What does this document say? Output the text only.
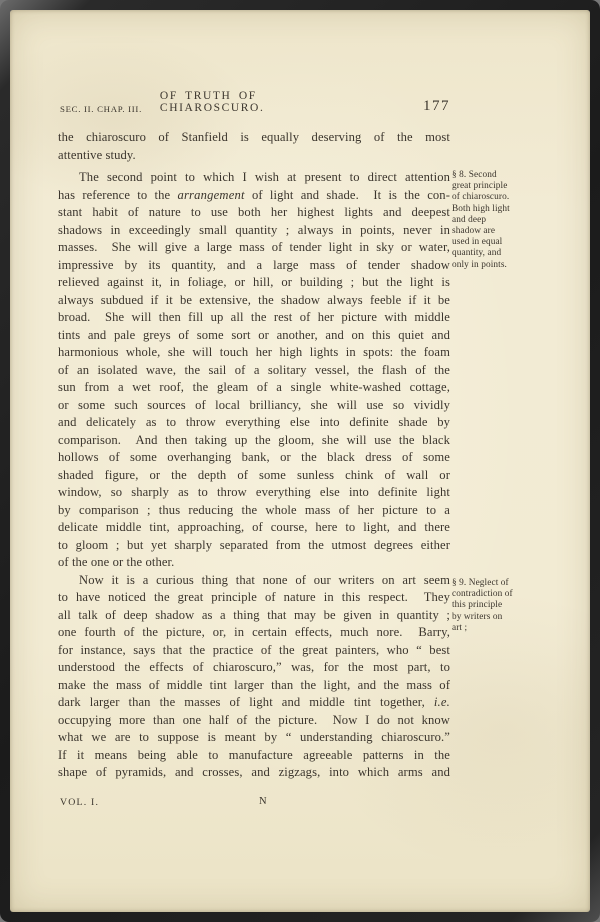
SEC. II. CHAP. III.
OF TRUTH OF CHIAROSCURO.	177
the chiaroscuro of Stanfield is equally deserving of the most
attentive study.
The second point to which I wish at present to direct attention
has reference to the arrangement of light and shade.  It is the con-
stant habit of nature to use both her highest lights and deepest
shadows in exceedingly small quantity ; always in points, never in
masses.  She will give a large mass of tender light in sky or water,
impressive by its quantity, and a large mass of tender shadow
relieved against it, in foliage, or hill, or building ; but the light is
always subdued if it be extensive, the shadow always feeble if it be
broad.  She will then fill up all the rest of her picture with middle
tints and pale greys of some sort or another, and on this quiet and
harmonious whole, she will touch her high lights in spots: the foam
of an isolated wave, the sail of a solitary vessel, the flash of the
sun from a wet roof, the gleam of a single white-washed cottage,
or some such sources of local brilliancy, she will use so vividly
and delicately as to throw everything else into definite shade by
comparison.  And then taking up the gloom, she will use the black
hollows of some overhanging bank, or the black dress of some
shaded figure, or the depth of some sunless chink of wall or
window, so sharply as to throw everything else into definite light
by comparison ; thus reducing the whole mass of her picture to a
delicate middle tint, approaching, of course, here to light, and there
to gloom ; but yet sharply separated from the utmost degrees either
of the one or the other.
Now it is a curious thing that none of our writers on art seem
to have noticed the great principle of nature in this respect.  They
all talk of deep shadow as a thing that may be given in quantity ;
one fourth of the picture, or, in certain effects, much nore.  Barry,
for instance, says that the practice of the great painters, who “ best
understood the effects of chiaroscuro,” was, for the most part, to
make the mass of middle tint larger than the light, and the mass of
dark larger than the masses of light and middle tint together, i.e.
occupying more than one half of the picture.  Now I do not know
what we are to suppose is meant by “ understanding chiaroscuro.”
If it means being able to manufacture agreeable patterns in the
shape of pyramids, and crosses, and zigzags, into which arms and
§ 8. Second
great principle
of chiaroscuro.
Both high light
and deep
shadow are
used in equal
quantity, and
only in points.
§ 9. Neglect of
contradiction of
this principle
by writers on
art ;
VOL. I.	N
